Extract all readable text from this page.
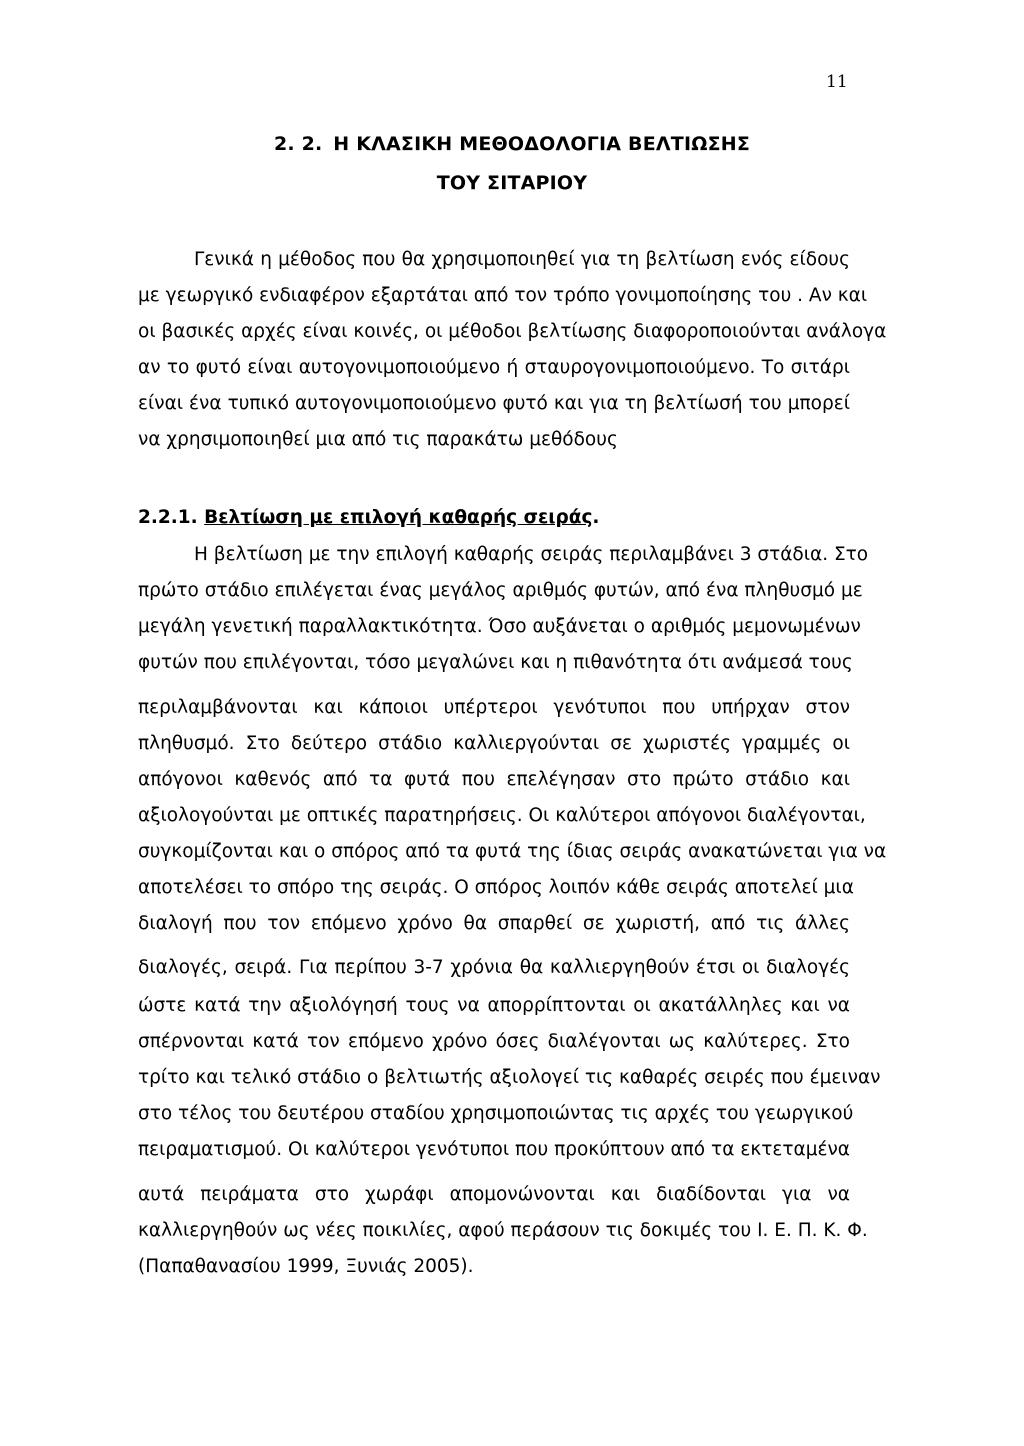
11
2. 2. Η ΚΛΑΣΙΚΗ ΜΕΘΟΔΟΛΟΓΙΑ ΒΕΛΤΙΩΣΗΣ
ΤΟΥ ΣΙΤΑΡΙΟΥ
Γενικά η μέθοδος που θα χρησιμοποιηθεί για τη βελτίωση ενός είδους
με γεωργικό ενδιαφέρον εξαρτάται από τον τρόπο γονιμοποίησης του . Αν και
οι βασικές αρχές είναι κοινές, οι μέθοδοι βελτίωσης διαφοροποιούνται ανάλογα
αν το φυτό είναι αυτογονιμοποιούμενο ή σταυρογονιμοποιούμενο. Το σιτάρι
είναι ένα τυπικό αυτογονιμοποιούμενο φυτό και για τη βελτίωσή του μπορεί
να χρησιμοποιηθεί μια από τις παρακάτω μεθόδους
2.2.1. Βελτίωση με επιλογή καθαρής σειράς.
Η βελτίωση με την επιλογή καθαρής σειράς περιλαμβάνει 3 στάδια. Στο
πρώτο στάδιο επιλέγεται ένας μεγάλος αριθμός φυτών, από ένα πληθυσμό με
μεγάλη γενετική παραλλακτικότητα. Όσο αυξάνεται ο αριθμός μεμονωμένων
φυτών που επιλέγονται, τόσο μεγαλώνει και η πιθανότητα ότι ανάμεσά τους
περιλαμβάνονται και κάποιοι υπέρτεροι γενότυποι που υπήρχαν στον
πληθυσμό. Στο δεύτερο στάδιο καλλιεργούνται σε χωριστές γραμμές οι
απόγονοι καθενός από τα φυτά που επελέγησαν στο πρώτο στάδιο και
αξιολογούνται με οπτικές παρατηρήσεις. Οι καλύτεροι απόγονοι διαλέγονται,
συγκομίζονται και ο σπόρος από τα φυτά της ίδιας σειράς ανακατώνεται για να
αποτελέσει το σπόρο της σειράς. Ο σπόρος λοιπόν κάθε σειράς αποτελεί μια
διαλογή που τον επόμενο χρόνο θα σπαρθεί σε χωριστή, από τις άλλες
διαλογές, σειρά. Για περίπου 3-7 χρόνια θα καλλιεργηθούν έτσι οι διαλογές
ώστε κατά την αξιολόγησή τους να απορρίπτονται οι ακατάλληλες και να
σπέρνονται κατά τον επόμενο χρόνο όσες διαλέγονται ως καλύτερες. Στο
τρίτο και τελικό στάδιο ο βελτιωτής αξιολογεί τις καθαρές σειρές που έμειναν
στο τέλος του δευτέρου σταδίου χρησιμοποιώντας τις αρχές του γεωργικού
πειραματισμού. Οι καλύτεροι γενότυποι που προκύπτουν από τα εκτεταμένα
αυτά πειράματα στο χωράφι απομονώνονται και διαδίδονται για να
καλλιεργηθούν ως νέες ποικιλίες, αφού περάσουν τις δοκιμές του Ι. Ε. Π. Κ. Φ.
(Παπαθανασίου 1999, Ξυνιάς 2005).
